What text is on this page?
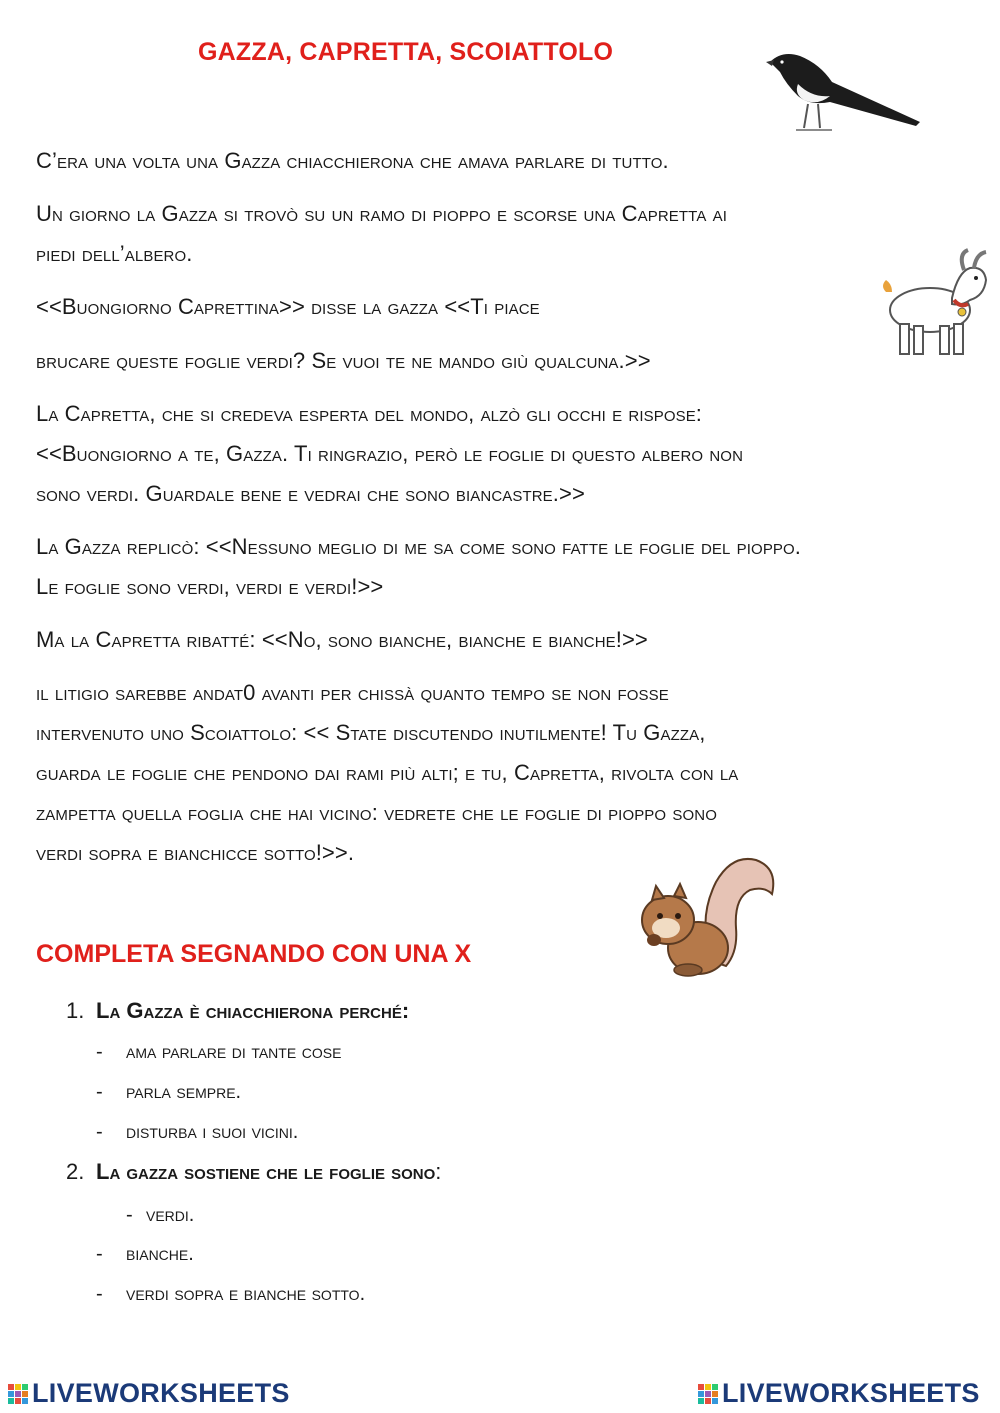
GAZZA, CAPRETTA, SCOIATTOLO
C’era una volta una Gazza chiacchierona che amava parlare di tutto.
Un giorno la Gazza si trovò su un ramo di pioppo e scorse una Capretta ai
piedi dell’albero.
<<Buongiorno Caprettina>> disse la gazza <<Ti piace
brucare queste foglie verdi? Se vuoi te ne mando giù qualcuna.>>
La Capretta, che si credeva esperta del mondo, alzò gli occhi e rispose:
<<Buongiorno a te, Gazza. Ti ringrazio, però le foglie di questo albero non
sono verdi. Guardale bene e vedrai che sono biancastre.>>
La Gazza replicò: <<Nessuno meglio di me sa come sono fatte le foglie del pioppo.
Le foglie sono verdi, verdi e verdi!>>
Ma la Capretta ribatté: <<No, sono bianche, bianche e bianche!>>
il litigio sarebbe andat0 avanti per chissà quanto tempo se non fosse
intervenuto uno Scoiattolo: << State discutendo inutilmente! Tu Gazza,
guarda le foglie che pendono dai rami più alti; e tu, Capretta, rivolta con la
zampetta quella foglia che hai vicino: vedrete che le foglie di pioppo sono
verdi sopra e bianchicce sotto!>>.
COMPLETA SEGNANDO CON UNA X
1. La Gazza è chiacchierona perché:
- ama parlare di tante cose
- parla sempre.
- disturba i suoi vicini.
2. La gazza sostiene che le foglie sono:
- verdi.
- bianche.
- verdi sopra e bianche sotto.
LIVEWORKSHEETS	LIVEWORKSHEETS
